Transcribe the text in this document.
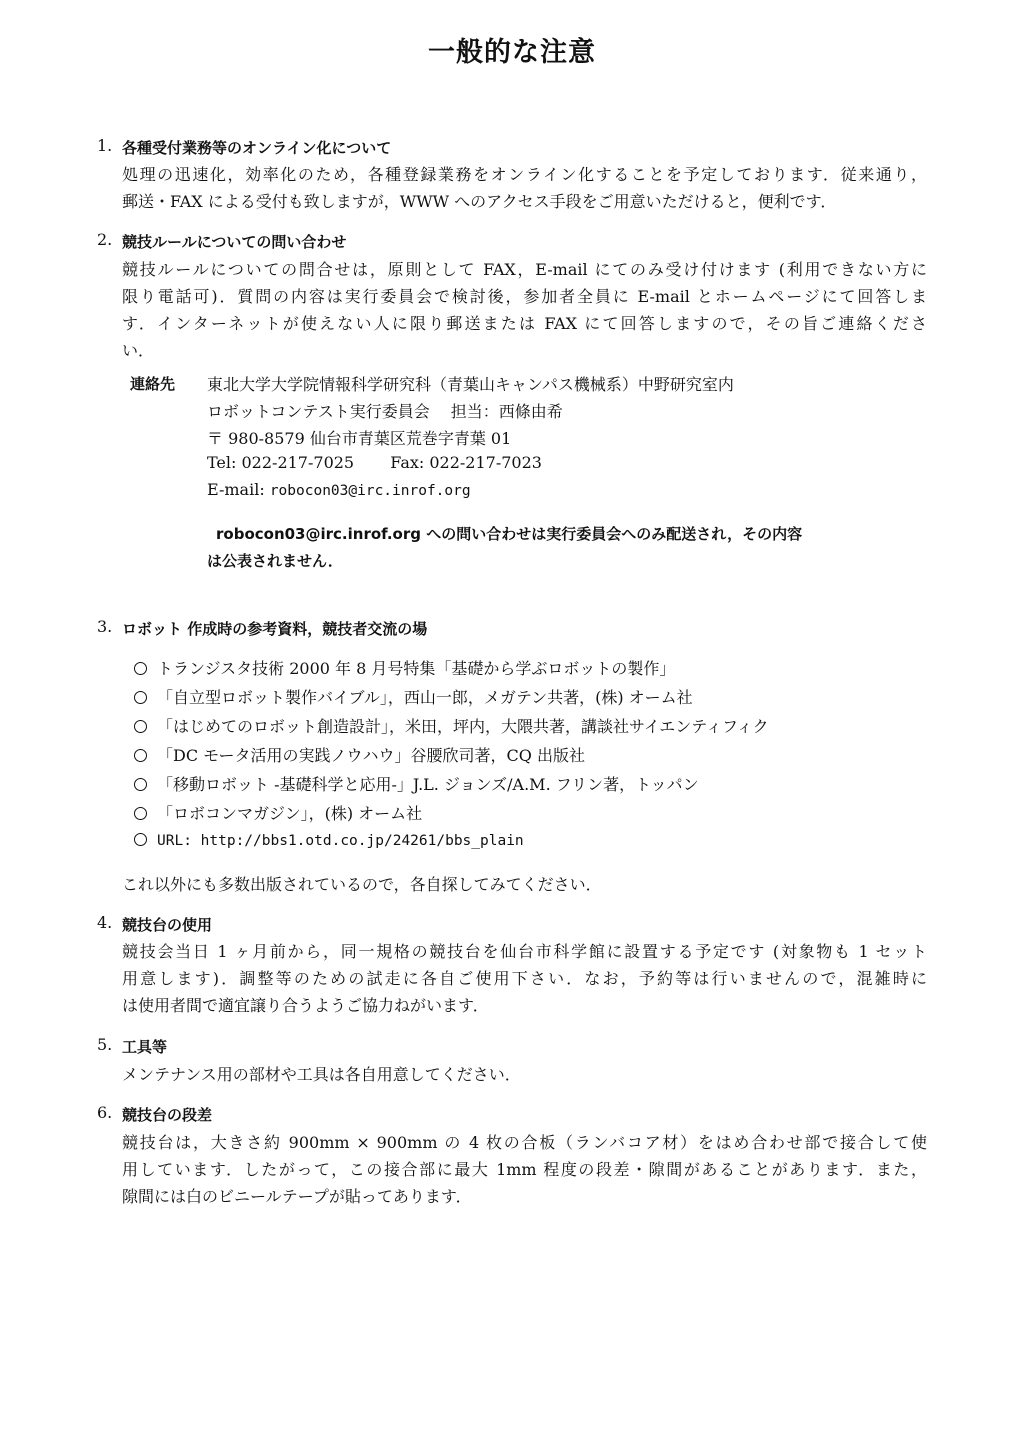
一般的な注意
1. 各種受付業務等のオンライン化について
処理の迅速化，効率化のため，各種登録業務をオンライン化することを予定しております．従来通り，
郵送・FAX による受付も致しますが，WWW へのアクセス手段をご用意いただけると，便利です．
2. 競技ルールについての問い合わせ
競技ルールについての問合せは，原則として FAX，E-mail にてのみ受け付けます (利用できない方に
限り電話可)．質問の内容は実行委員会で検討後，参加者全員に E-mail とホームページにて回答しま
す．インターネットが使えない人に限り郵送または FAX にて回答しますので，その旨ご連絡くださ
い．
連絡先 東北大学大学院情報科学研究科（青葉山キャンパス機械系）中野研究室内
ロボットコンテスト実行委員会　 担当：西條由希
〒 980-8579 仙台市青葉区荒巻字青葉 01
Tel: 022-217-7025 Fax: 022-217-7023
E-mail: robocon03@irc.inrof.org
robocon03@irc.inrof.org への問い合わせは実行委員会へのみ配送され，その内容
は公表されません．
3. ロボット 作成時の参考資料，競技者交流の場
トランジスタ技術 2000 年 8 月号特集「基礎から学ぶロボットの製作」
「自立型ロボット製作バイブル」，西山一郎，メガテン共著，(株) オーム社
「はじめてのロボット創造設計」，米田，坪内，大隈共著，講談社サイエンティフィク
「DC モータ活用の実践ノウハウ」谷腰欣司著，CQ 出版社
「移動ロボット -基礎科学と応用-」J.L. ジョンズ/A.M. フリン著，トッパン
「ロボコンマガジン」，(株) オーム社
URL: http://bbs1.otd.co.jp/24261/bbs_plain
これ以外にも多数出版されているので，各自探してみてください．
4. 競技台の使用
競技会当日 1 ヶ月前から，同一規格の競技台を仙台市科学館に設置する予定です (対象物も 1 セット
用意します)．調整等のための試走に各自ご使用下さい．なお，予約等は行いませんので，混雑時に
は使用者間で適宜譲り合うようご協力ねがいます．
5. 工具等
メンテナンス用の部材や工具は各自用意してください．
6. 競技台の段差
競技台は，大きさ約 900mm × 900mm の 4 枚の合板（ランバコア材）をはめ合わせ部で接合して使
用しています．したがって，この接合部に最大 1mm 程度の段差・隙間があることがあります．また，
隙間には白のビニールテープが貼ってあります．
